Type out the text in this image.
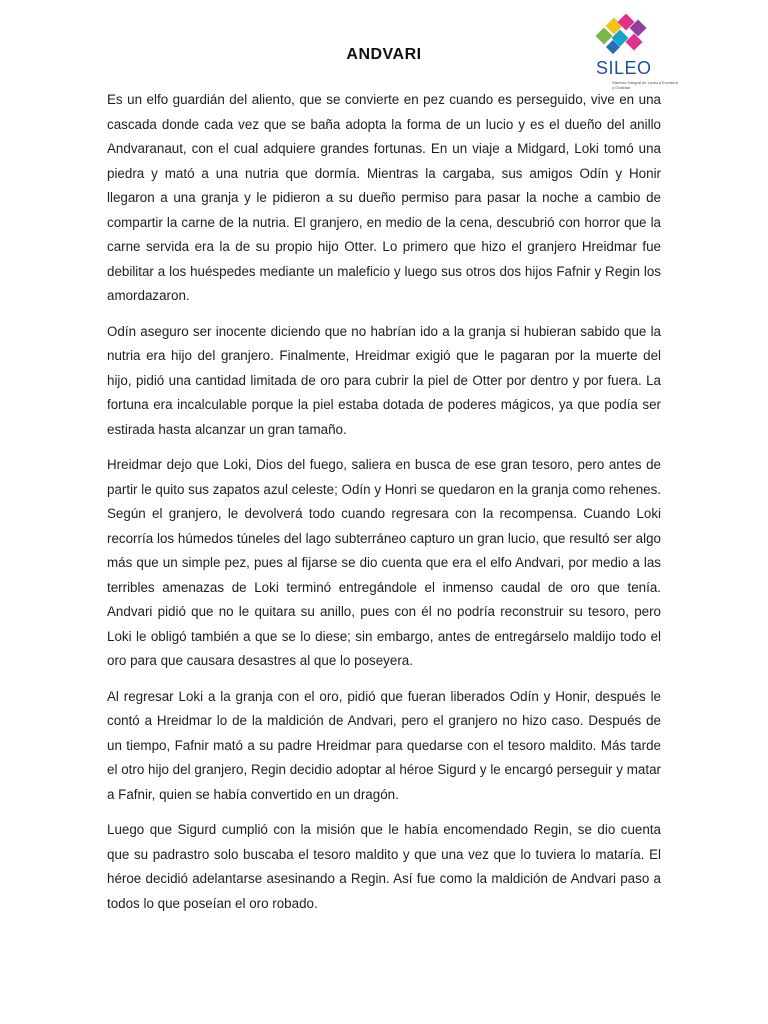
ANDVARI
SILEO
Sistema Integral de Lectura Escritura y Oralidad

Es un elfo guardián del aliento, que se convierte en pez cuando es perseguido, vive en una cascada donde cada vez que se baña adopta la forma de un lucio y es el dueño del anillo Andvaranaut, con el cual adquiere grandes fortunas. En un viaje a Midgard, Loki tomó una piedra y mató a una nutria que dormía. Mientras la cargaba, sus amigos Odín y Honir llegaron a una granja y le pidieron a su dueño permiso para pasar la noche a cambio de compartir la carne de la nutria. El granjero, en medio de la cena, descubrió con horror que la carne servida era la de su propio hijo Otter. Lo primero que hizo el granjero Hreidmar fue debilitar a los huéspedes mediante un maleficio y luego sus otros dos hijos Fafnir y Regin los amordazaron.

Odín aseguro ser inocente diciendo que no habrían ido a la granja si hubieran sabido que la nutria era hijo del granjero. Finalmente, Hreidmar exigió que le pagaran por la muerte del hijo, pidió una cantidad limitada de oro para cubrir la piel de Otter por dentro y por fuera. La fortuna era incalculable porque la piel estaba dotada de poderes mágicos, ya que podía ser estirada hasta alcanzar un gran tamaño.

Hreidmar dejo que Loki, Dios del fuego, saliera en busca de ese gran tesoro, pero antes de partir le quito sus zapatos azul celeste; Odín y Honri se quedaron en la granja como rehenes. Según el granjero, le devolverá todo cuando regresara con la recompensa. Cuando Loki recorría los húmedos túneles del lago subterráneo capturo un gran lucio, que resultó ser algo más que un simple pez, pues al fijarse se dio cuenta que era el elfo Andvari, por medio a las terribles amenazas de Loki terminó entregándole el inmenso caudal de oro que tenía. Andvari pidió que no le quitara su anillo, pues con él no podría reconstruir su tesoro, pero Loki le obligó también a que se lo diese; sin embargo, antes de entregárselo maldijo todo el oro para que causara desastres al que lo poseyera.

Al regresar Loki a la granja con el oro, pidió que fueran liberados Odín y Honir, después le contó a Hreidmar lo de la maldición de Andvari, pero el granjero no hizo caso. Después de un tiempo, Fafnir mató a su padre Hreidmar para quedarse con el tesoro maldito. Más tarde el otro hijo del granjero, Regin decidio adoptar al héroe Sigurd y le encargó perseguir y matar a Fafnir, quien se había convertido en un dragón.

Luego que Sigurd cumplió con la misión que le había encomendado Regin, se dio cuenta que su padrastro solo buscaba el tesoro maldito y que una vez que lo tuviera lo mataría. El héroe decidió adelantarse asesinando a Regin. Así fue como la maldición de Andvari paso a todos lo que poseían el oro robado.
